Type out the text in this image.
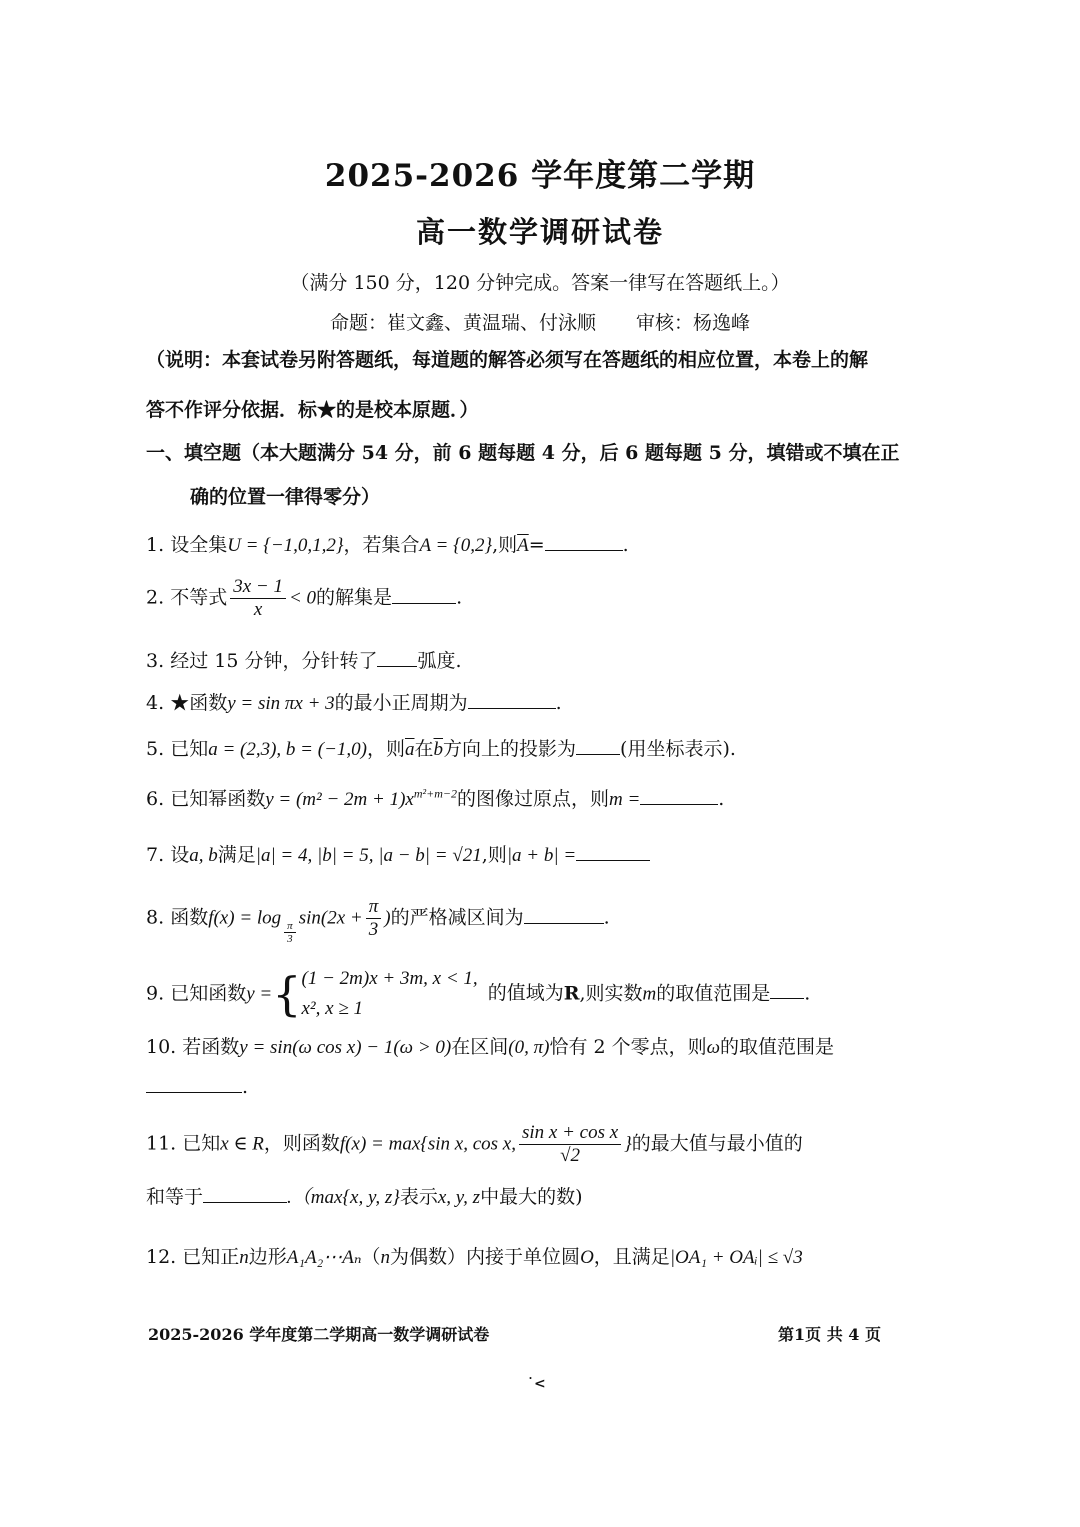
2025-2026 学年度第二学期
高一数学调研试卷
（满分 150 分，120 分钟完成。答案一律写在答题纸上。）
命题：崔文鑫、黄温瑞、付泳顺 审核：杨逸峰
（说明：本套试卷另附答题纸，每道题的解答必须写在答题纸的相应位置，本卷上的解
答不作评分依据．标★的是校本原题．）
一、填空题（本大题满分 54 分，前 6 题每题 4 分，后 6 题每题 5 分，填错或不填在正
确的位置一律得零分）
1. 设全集U = {−1,0,1,2}，若集合A = {0,2},则$\overline{A}=$	.
2. 不等式 $\frac{3x - 1}{x} < 0$的解集是	.
3. 经过 15 分钟，分针转了 弧度.
4. ★函数y = sin πx + 3的最小正周期为	.
5. 已知a = (2,3), b = (−1,0)，则$\overline{a}$在$\overline{b}$方向上的投影为 (用坐标表示).
6. 已知幂函数$y = (m^2 - 2m + 1)x^{m^2+m-2}$的图像过原点，则m =	.
7. 设a, b满足|a| = 4, |b| = 5, |a − b| = √21,则|a + b| =
8. 函数f(x) = log
$\frac{\pi}{3}$
$\sin(2x + \frac{\pi}{3}$ )的严格减区间为	.
9. 已知函数y ={ (1 − 2m)x + 3m, x < 1,
x², x ≥ 1
的值域为R,则实数m的取值范围是 .
10. 若函数y = sin(ω cos x) − 1(ω > 0)在区间(0, π)恰有 2 个零点，则ω的取值范围是
.
11. 已知x ∈ R，则函数f(x) = max{sin x, cos x, $\frac{\text{sin x + cos x}}{√2}$ }的最大值与最小值的
和等于	.（max{x, y, z}表示x, y, z中最大的数)
12. 已知正n边形A₁A₂⋯Aₙ（n为偶数）内接于单位圆O，且满足|OA₁ + OAᵢ| ≤ √3
2025-2026 学年度第二学期高一数学调研试卷	第1页 共 4 页
˙<
